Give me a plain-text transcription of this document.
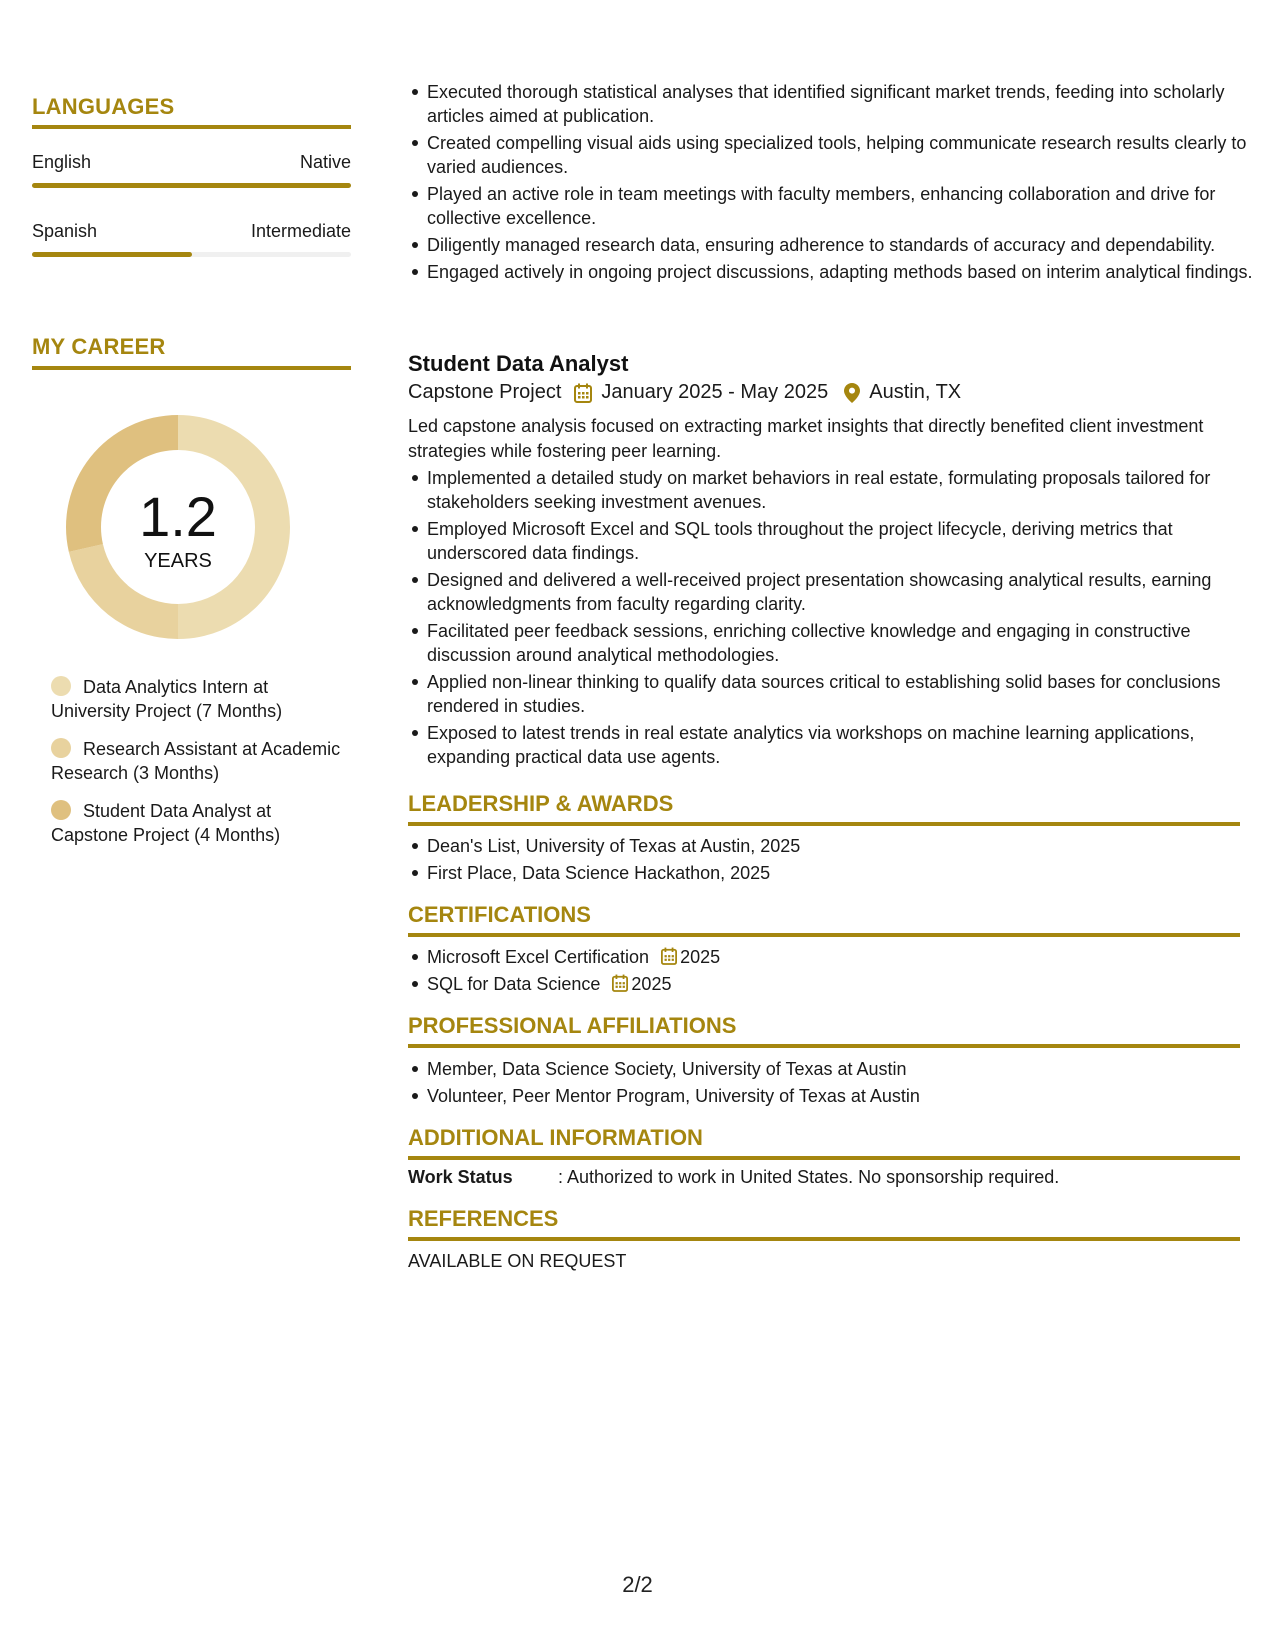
LANGUAGES
English	Native
Spanish	Intermediate
MY CAREER
1.2
YEARS
Data Analytics Intern at University Project (7 Months)
Research Assistant at Academic Research (3 Months)
Student Data Analyst at Capstone Project (4 Months)
Executed thorough statistical analyses that identified significant market trends, feeding into scholarly articles aimed at publication.
Created compelling visual aids using specialized tools, helping communicate research results clearly to varied audiences.
Played an active role in team meetings with faculty members, enhancing collaboration and drive for collective excellence.
Diligently managed research data, ensuring adherence to standards of accuracy and dependability.
Engaged actively in ongoing project discussions, adapting methods based on interim analytical findings.
Student Data Analyst
Capstone Project January 2025 - May 2025 Austin, TX
Led capstone analysis focused on extracting market insights that directly benefited client investment strategies while fostering peer learning.
Implemented a detailed study on market behaviors in real estate, formulating proposals tailored for stakeholders seeking investment avenues.
Employed Microsoft Excel and SQL tools throughout the project lifecycle, deriving metrics that underscored data findings.
Designed and delivered a well-received project presentation showcasing analytical results, earning acknowledgments from faculty regarding clarity.
Facilitated peer feedback sessions, enriching collective knowledge and engaging in constructive discussion around analytical methodologies.
Applied non-linear thinking to qualify data sources critical to establishing solid bases for conclusions rendered in studies.
Exposed to latest trends in real estate analytics via workshops on machine learning applications, expanding practical data use agents.
LEADERSHIP & AWARDS
Dean's List, University of Texas at Austin, 2025
First Place, Data Science Hackathon, 2025
CERTIFICATIONS
Microsoft Excel Certification 2025
SQL for Data Science 2025
PROFESSIONAL AFFILIATIONS
Member, Data Science Society, University of Texas at Austin
Volunteer, Peer Mentor Program, University of Texas at Austin
ADDITIONAL INFORMATION
Work Status	: Authorized to work in United States. No sponsorship required.
REFERENCES
AVAILABLE ON REQUEST
2/2
